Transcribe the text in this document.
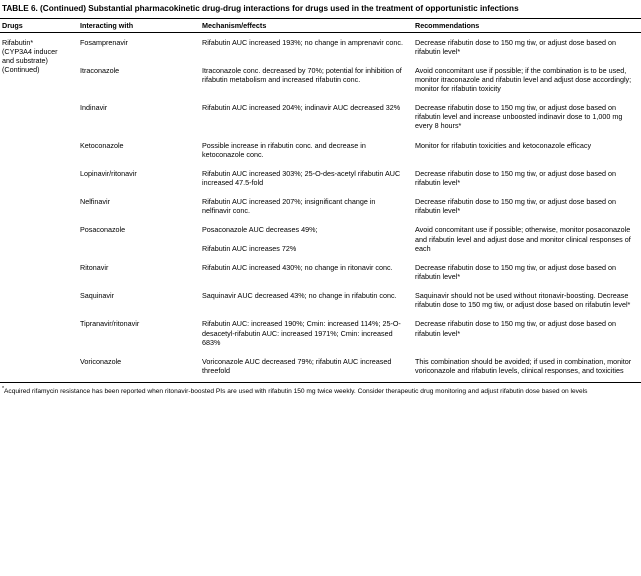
TABLE 6. (Continued) Substantial pharmacokinetic drug-drug interactions for drugs used in the treatment of opportunistic infections
Drugs	Interacting with	Mechanism/effects	Recommendations

Rifabutin*
(CYP3A4 inducer and substrate)
(Continued)	Fosamprenavir	Rifabutin AUC increased 193%; no change in amprenavir conc.	Decrease rifabutin dose to 150 mg tiw, or adjust dose based on rifabutin level*
	Itraconazole	Itraconazole conc. decreased by 70%; potential for inhibition of rifabutin metabolism and increased rifabutin conc.	Avoid concomitant use if possible; if the combination is to be used, monitor itraconazole and rifabutin level and adjust dose accordingly; monitor for rifabutin toxicity
	Indinavir	Rifabutin AUC increased 204%; indinavir AUC decreased 32%	Decrease rifabutin dose to 150 mg tiw, or adjust dose based on rifabutin level and increase unboosted indinavir dose to 1,000 mg every 8 hours*
	Ketoconazole	Possible increase in rifabutin conc. and decrease in ketoconazole conc.	Monitor for rifabutin toxicities and ketoconazole efficacy
	Lopinavir/ritonavir	Rifabutin AUC increased 303%; 25-O-des-acetyl rifabutin AUC increased 47.5-fold	Decrease rifabutin dose to 150 mg tiw, or adjust dose based on rifabutin level*
	Nelfinavir	Rifabutin AUC increased 207%; insignificant change in nelfinavir conc.	Decrease rifabutin dose to 150 mg tiw, or adjust dose based on rifabutin level*
	Posaconazole	Posaconazole AUC decreases 49%;
Rifabutin AUC increases 72%	Avoid concomitant use if possible; otherwise, monitor posaconazole and rifabutin level and adjust dose and monitor clinical responses of each
	Ritonavir	Rifabutin AUC increased 430%; no change in ritonavir conc.	Decrease rifabutin dose to 150 mg tiw, or adjust dose based on rifabutin level*
	Saquinavir	Saquinavir AUC decreased 43%; no change in rifabutin conc.	Saquinavir should not be used without ritonavir-boosting. Decrease rifabutin dose to 150 mg tiw, or adjust dose based on rifabutin level*
	Tipranavir/ritonavir	Rifabutin AUC: increased 190%; Cmin: increased 114%; 25-O-desacetyl-rifabutin AUC: increased 1971%; Cmin: increased 683%	Decrease rifabutin dose to 150 mg tiw, or adjust dose based on rifabutin level*
	Voriconazole	Voriconazole AUC decreased 79%; rifabutin AUC increased threefold	This combination should be avoided; if used in combination, monitor voriconazole and rifabutin levels, clinical responses, and toxicities
*Acquired rifamycin resistance has been reported when ritonavir-boosted PIs are used with rifabutin 150 mg twice weekly. Consider therapeutic drug monitoring and adjust rifabutin dose based on levels
